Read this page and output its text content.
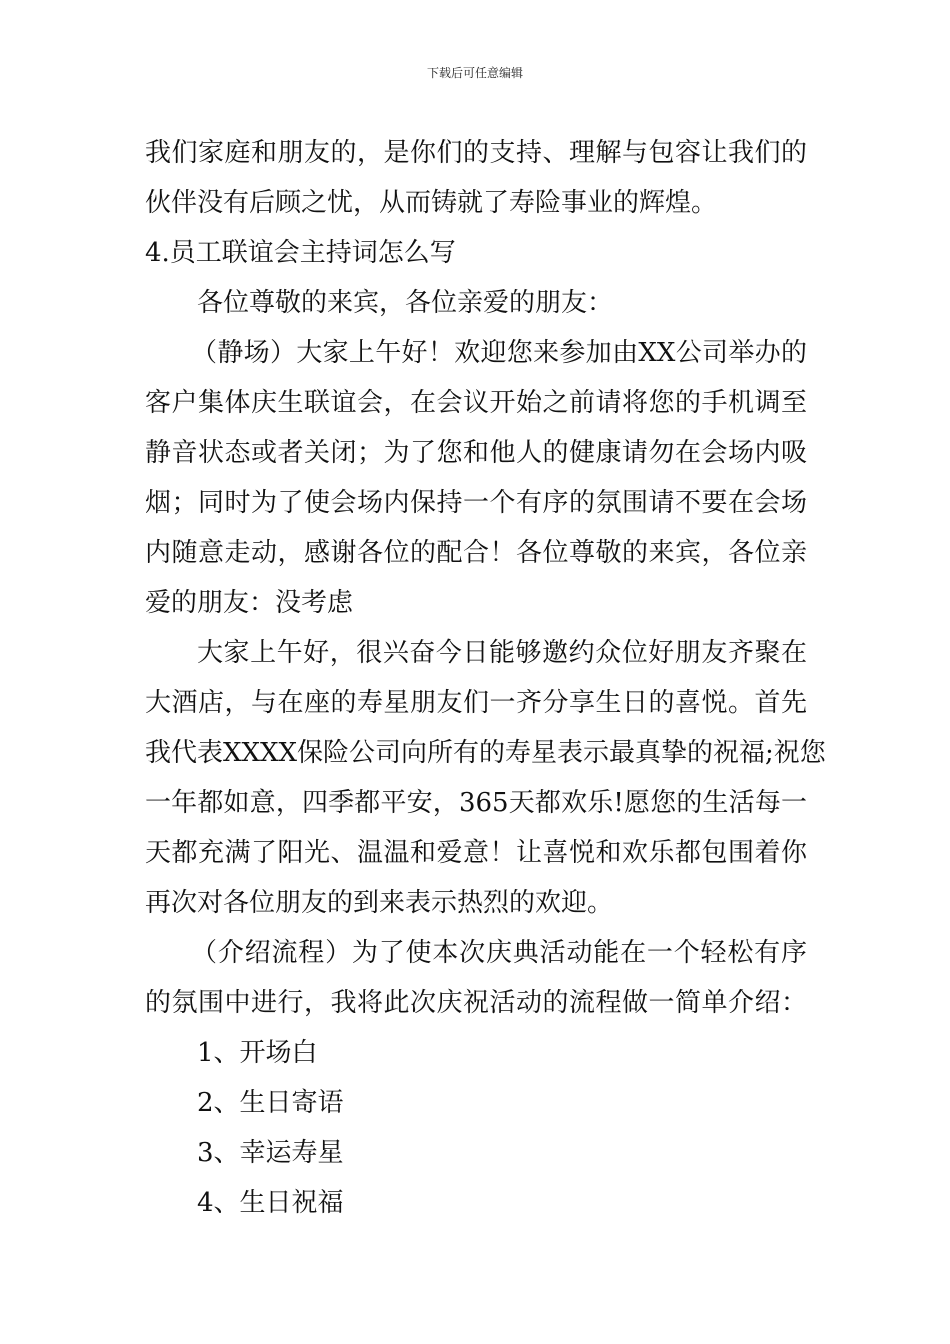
下载后可任意编辑
我们家庭和朋友的，是你们的支持、理解与包容让我们的
伙伴没有后顾之忧，从而铸就了寿险事业的辉煌。
4.员工联谊会主持词怎么写
各位尊敬的来宾，各位亲爱的朋友：
（静场）大家上午好！欢迎您来参加由XX公司举办的
客户集体庆生联谊会，在会议开始之前请将您的手机调至
静音状态或者关闭；为了您和他人的健康请勿在会场内吸
烟；同时为了使会场内保持一个有序的氛围请不要在会场
内随意走动，感谢各位的配合！各位尊敬的来宾，各位亲
爱的朋友：没考虑
大家上午好，很兴奋今日能够邀约众位好朋友齐聚在
大酒店，与在座的寿星朋友们一齐分享生日的喜悦。首先
我代表XXXX保险公司向所有的寿星表示最真挚的祝福;祝您
一年都如意，四季都平安，365天都欢乐!愿您的生活每一
天都充满了阳光、温温和爱意！让喜悦和欢乐都包围着你
再次对各位朋友的到来表示热烈的欢迎。
（介绍流程）为了使本次庆典活动能在一个轻松有序
的氛围中进行，我将此次庆祝活动的流程做一简单介绍：
1、开场白
2、生日寄语
3、幸运寿星
4、生日祝福
